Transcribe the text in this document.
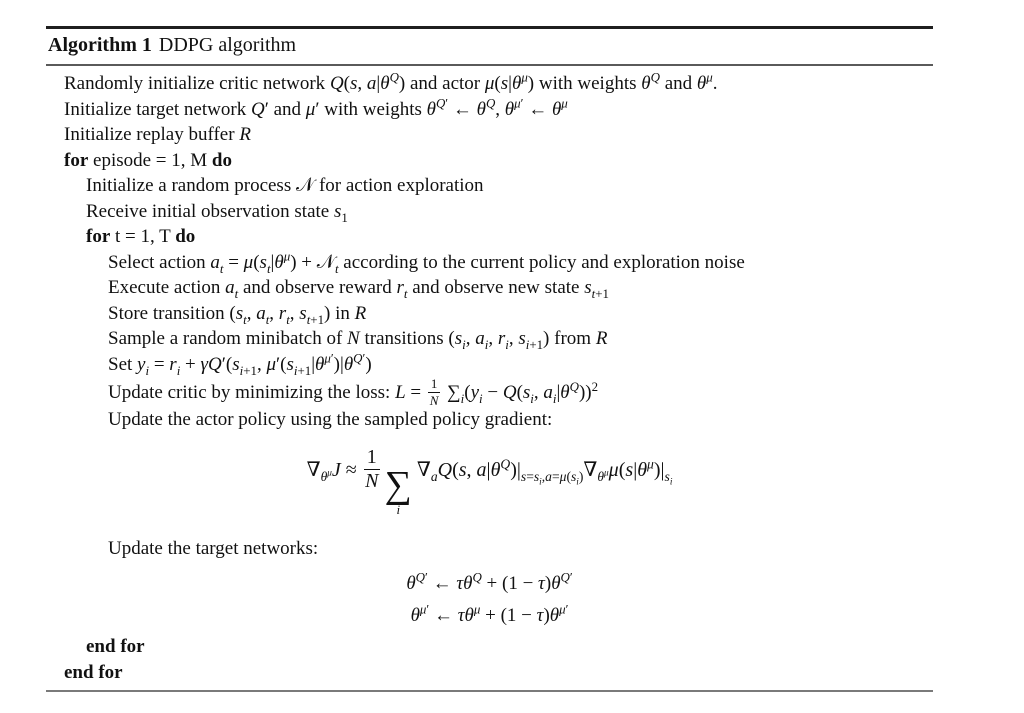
Algorithm 1 DDPG algorithm
Randomly initialize critic network Q(s, $a|\theta^Q$) and actor $\mu(s|\theta^\mu)$ with weights $\theta^Q$ and $\theta^\mu$.
Initialize target network Q′ and μ′ with weights $\theta^{Q'}$ ← $\theta^Q$, $\theta^{\mu'}$ ← $\theta^\mu$
Initialize replay buffer R
for episode = 1, M do
Initialize a random process 𝒩 for action exploration
Receive initial observation state $s_1$
for t = 1, T do
Select action $a_t = \mu(s_t|\theta^\mu)$ + 𝒩$_t$ according to the current policy and exploration noise
Execute action $a_t$ and observe reward $r_t$ and observe new state $s_{t+1}$
Store transition ($s_t$, $a_t$, $r_t$, $s_{t+1}$) in R
Sample a random minibatch of N transitions ($s_i$, $a_i$, $r_i$, $s_{i+1}$) from R
Set $y_i = r_i + \gamma Q'(s_{i+1}$, $\mu'(s_{i+1}|\theta^{\mu'})|\theta^{Q'}$)
Update critic by minimizing the loss: $L = \frac{1}{N} \sum_i(y_i - Q(s_i$, $a_i|\theta^Q))^2$
Update the actor policy using the sampled policy gradient:
$\nabla_{\theta^\mu}J \approx \frac{1}{N}$ ∑
i
$\nabla_aQ(s$, $a|\theta^Q)|_{s=s_i,a=\mu(s_i)}\nabla_{\theta^\mu}\mu(s|\theta^\mu)|_{s_i}$
Update the target networks:
$\theta^{Q'}$ ← $\tau\theta^Q + (1 - \tau)\theta^{Q'}$
$\theta^{\mu'}$ ← $\tau\theta^\mu + (1 - \tau)\theta^{\mu'}$
end for
end for
